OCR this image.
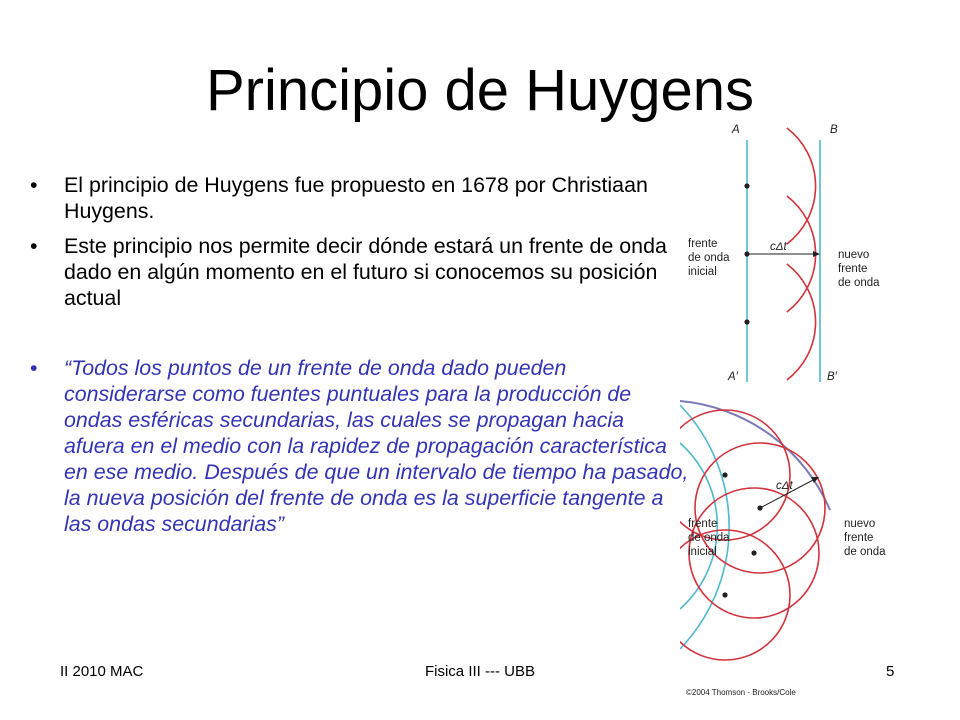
Principio de Huygens
• El principio de Huygens fue propuesto en 1678 por Christiaan Huygens.
• Este principio nos permite decir dónde estará un frente de onda dado en algún momento en el futuro si conocemos su posición actual
• “Todos los puntos de un frente de onda dado pueden considerarse como fuentes puntuales para la producción de ondas esféricas secundarias, las cuales se propagan hacia afuera en el medio con la rapidez de propagación característica en ese medio. Después de que un intervalo de tiempo ha pasado, la nueva posición del frente de onda es la superficie tangente a las ondas secundarias”
A	B
A′	B′
cΔt
frente
de onda
inicial
nuevo
frente
de onda
cΔt
frente
de onda
inicial
nuevo
frente
de onda
©2004 Thomson - Brooks/Cole
II 2010 MAC	Fisica III --- UBB	5
